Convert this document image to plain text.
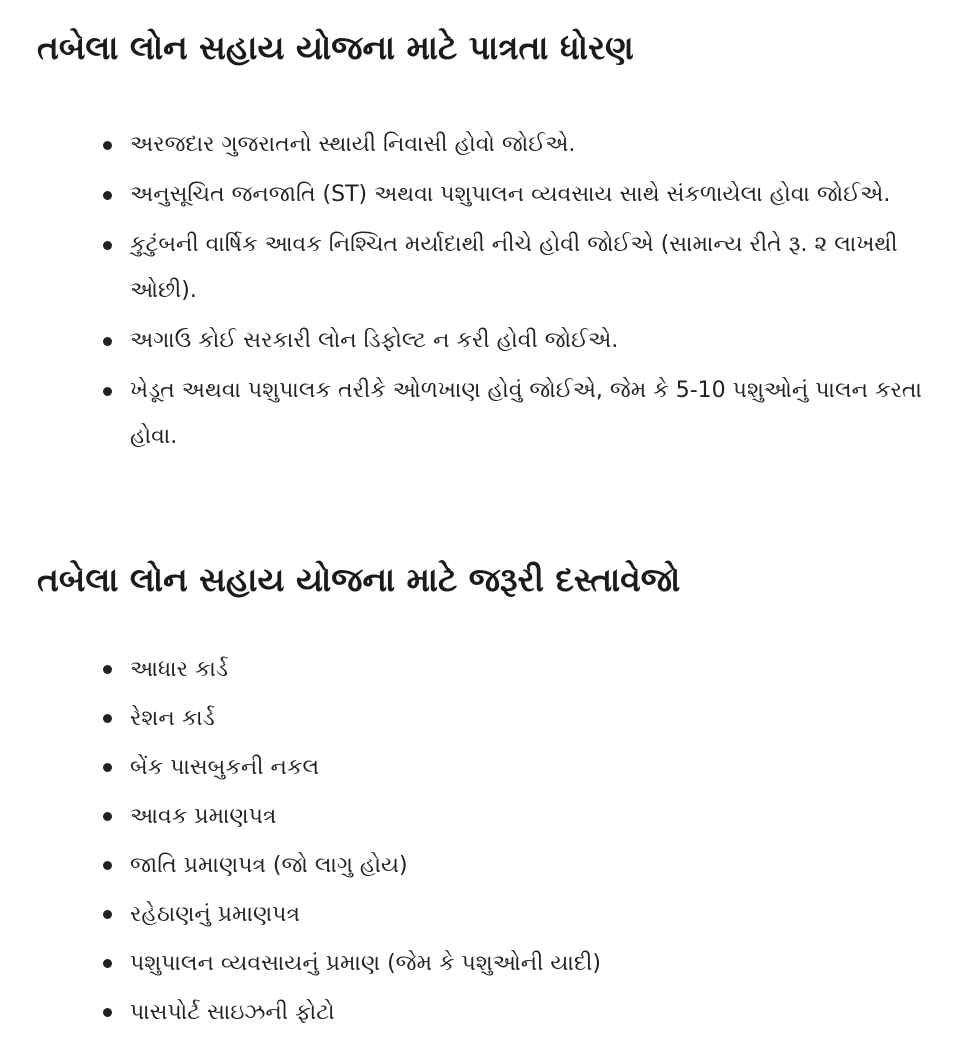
તબેલા લોન સહાય યોજના માટે પાત્રતા ધોરણ
અરજદાર ગુજરાતનો સ્થાયી નિવાસી હોવો જોઈએ.
અનુસૂચિત જનજાતિ (ST) અથવા પશુપાલન વ્યવસાય સાથે સંકળાયેલા હોવા જોઈએ.
કુટુંબની વાર્ષિક આવક નિશ્ચિત મર્યાદાથી નીચે હોવી જોઈએ (સામાન્ય રીતે રૂ. ૨ લાખથી ઓછી).
અગાઉ કોઈ સરકારી લોન ડિફોલ્ટ ન કરી હોવી જોઈએ.
ખેડૂત અથવા પશુપાલક તરીકે ઓળખાણ હોવું જોઈએ, જેમ કે 5-10 પશુઓનું પાલન કરતા હોવા.
તબેલા લોન સહાય યોજના માટે જરૂરી દસ્તાવેજો
આધાર કાર્ડ
રેશન કાર્ડ
બેંક પાસબુકની નકલ
આવક પ્રમાણપત્ર
જાતિ પ્રમાણપત્ર (જો લાગુ હોય)
રહેઠાણનું પ્રમાણપત્ર
પશુપાલન વ્યવસાયનું પ્રમાણ (જેમ કે પશુઓની યાદી)
પાસપોર્ટ સાઇઝની ફોટો
